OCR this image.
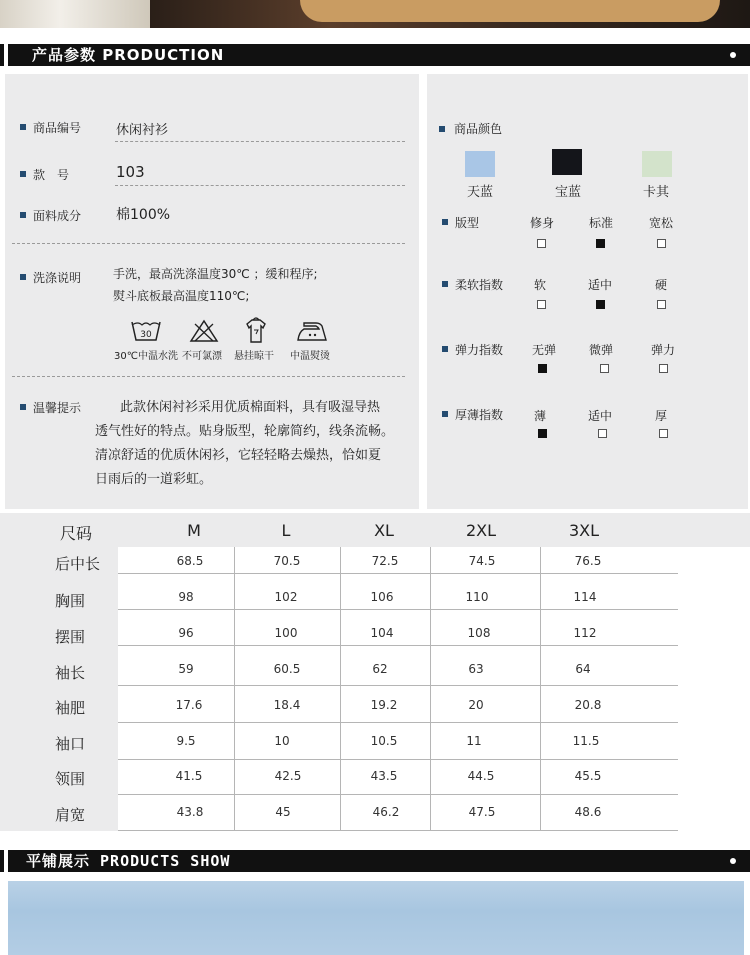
产品参数 PRODUCTION
商品编号	休闲衬衫
款　号	103
面料成分 棉100%
洗涤说明	手洗，最高洗涤温度30℃ ；缓和程序;
熨斗底板最高温度110℃;
30
30℃中温水洗 不可氯漂 悬挂晾干 中温熨烫
温馨提示	此款休闲衬衫采用优质棉面料，具有吸湿导热
透气性好的特点。贴身版型，轮廓简约，线条流畅。
清凉舒适的优质休闲衫，它轻轻略去燥热，恰如夏
日雨后的一道彩虹。
商品颜色
天蓝	宝蓝	卡其
版型	修身	标准	宽松
柔软指数	软	适中	硬
弹力指数	无弹	微弹	弹力
厚薄指数	薄	适中	厚
尺码	M	L	XL	2XL	3XL
后中长	68.5	70.5	72.5	74.5	76.5
胸围	98	102	106	110	114
摆围	96	100	104	108	112
袖长	59	60.5	62	63	64
袖肥	17.6	18.4	19.2	20	20.8
袖口	9.5	10	10.5	11	11.5
领围	41.5	42.5	43.5	44.5	45.5
肩宽	43.8	45	46.2	47.5	48.6
平铺展示 PRODUCTS SHOW
